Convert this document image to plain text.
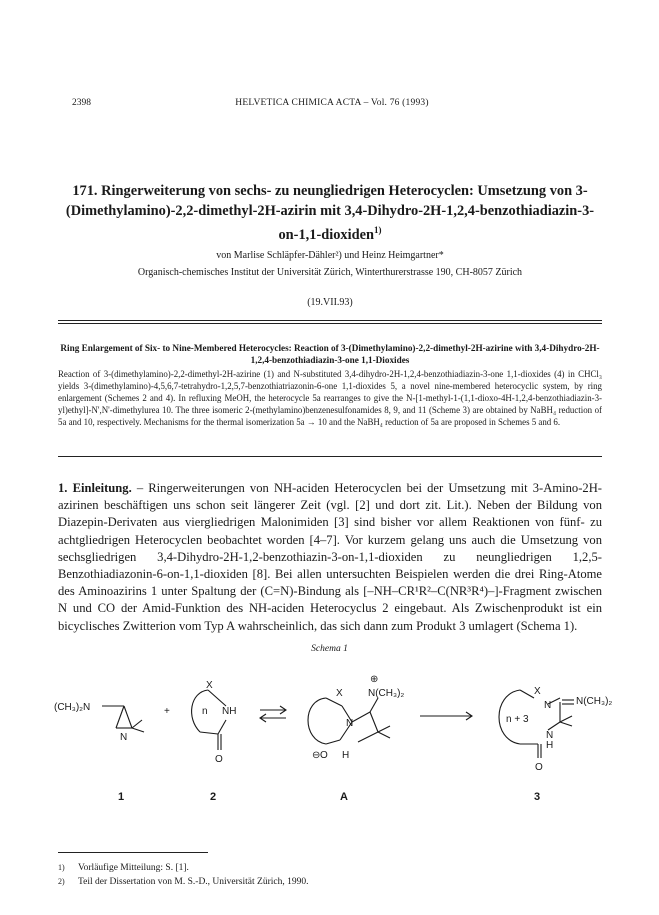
2398	HELVETICA CHIMICA ACTA – Vol. 76 (1993)
171. Ringerweiterung von sechs- zu neungliedrigen Heterocyclen: Umsetzung von 3-(Dimethylamino)-2,2-dimethyl-2H-azirin mit 3,4-Dihydro-2H-1,2,4-benzothiadiazin-3-on-1,1-dioxiden$^{1)}$
von Marlise Schläpfer-Dähler²) und Heinz Heimgartner*
Organisch-chemisches Institut der Universität Zürich, Winterthurerstrasse 190, CH-8057 Zürich
(19.VII.93)
Ring Enlargement of Six- to Nine-Membered Heterocycles: Reaction of 3-(Dimethylamino)-2,2-dimethyl-2H-azirine with 3,4-Dihydro-2H-1,2,4-benzothiadiazin-3-one 1,1-Dioxides
Reaction of 3-(dimethylamino)-2,2-dimethyl-2H-azirine (1) and N-substituted 3,4-dihydro-2H-1,2,4-benzothiadiazin-3-one 1,1-dioxides (4) in CHCl₃ yields 3-(dimethylamino)-4,5,6,7-tetrahydro-1,2,5,7-benzothiatriazonin-6-one 1,1-dioxides 5, a novel nine-membered heterocyclic system, by ring enlargement (Schemes 2 and 4). In refluxing MeOH, the heterocycle 5a rearranges to give the N-[1-methyl-1-(1,1-dioxo-4H-1,2,4-benzothiadiazin-3-yl)ethyl]-N',N'-dimethylurea 10. The three isomeric 2-(methylamino)benzenesulfonamides 8, 9, and 11 (Scheme 3) are obtained by NaBH₄ reduction of 5a and 10, respectively. Mechanisms for the thermal isomerization 5a → 10 and the NaBH₄ reduction of 5a are proposed in Schemes 5 and 6.
1. Einleitung. – Ringerweiterungen von NH-aciden Heterocyclen bei der Umsetzung mit 3-Amino-2H-azirinen beschäftigen uns schon seit längerer Zeit (vgl. [2] und dort zit. Lit.). Neben der Bildung von Diazepin-Derivaten aus viergliedrigen Malonimiden [3] sind bisher vor allem Reaktionen von fünf- zu achtgliedrigen Heterocyclen beobachtet worden [4–7]. Vor kurzem gelang uns auch die Umsetzung von sechsgliedrigen 3,4-Dihydro-2H-1,2-benzothiazin-3-on-1,1-dioxiden zu neungliedrigen 1,2,5-Benzothiadiazonin-6-on-1,1-dioxiden [8]. Bei allen untersuchten Beispielen werden die drei Ring-Atome des Aminoazirins 1 unter Spaltung der (C=N)-Bindung als [–NH–CR¹R²–C(NR³R⁴)–]-Fragment zwischen N und CO der Amid-Funktion des NH-aciden Heterocyclus 2 eingebaut. Als Zwischenprodukt ist ein bicyclisches Zwitterion vom Typ A wahrscheinlich, das sich dann zum Produkt 3 umlagert (Schema 1).
Schema 1
(CH₃)₂N
N
+	n NH
X
O
X
⊕
N(CH₃)₂
N
O
⊖ H
X
N N(CH₃)₂
n + 3
N
H
O
1	2	A	3
1)	Vorläufige Mitteilung: S. [1].
2)	Teil der Dissertation von M. S.-D., Universität Zürich, 1990.
